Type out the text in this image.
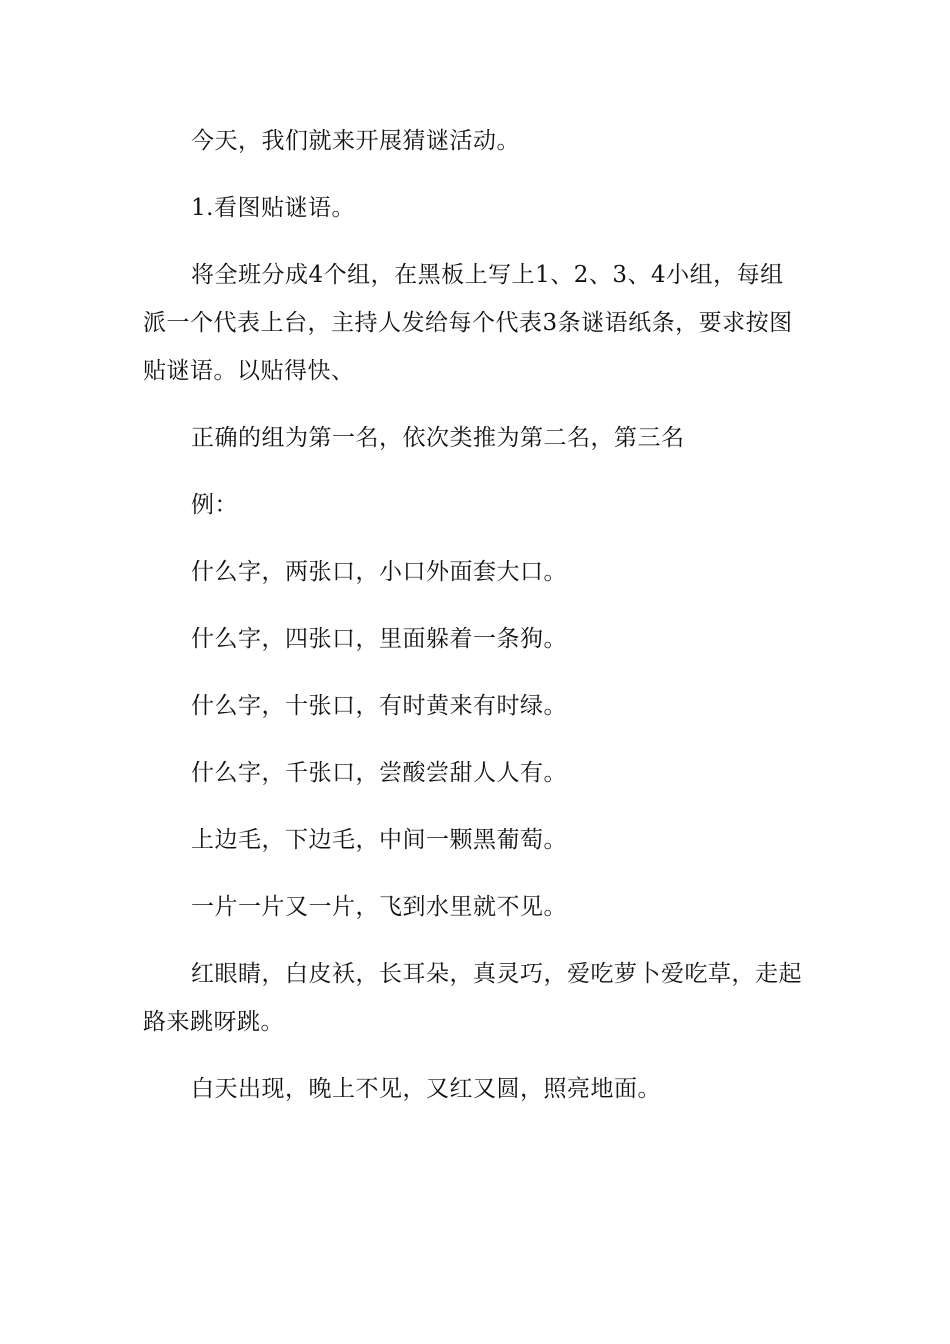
今天，我们就来开展猜谜活动。

1.看图贴谜语。

将全班分成4个组，在黑板上写上1、2、3、4小组，每组派一个代表上台，主持人发给每个代表3条谜语纸条，要求按图贴谜语。以贴得快、

正确的组为第一名，依次类推为第二名，第三名

例：

什么字，两张口，小口外面套大口。

什么字，四张口，里面躲着一条狗。

什么字，十张口，有时黄来有时绿。

什么字，千张口，尝酸尝甜人人有。

上边毛，下边毛，中间一颗黑葡萄。

一片一片又一片，飞到水里就不见。

红眼睛，白皮袄，长耳朵，真灵巧，爱吃萝卜爱吃草，走起路来跳呀跳。

白天出现，晚上不见，又红又圆，照亮地面。
